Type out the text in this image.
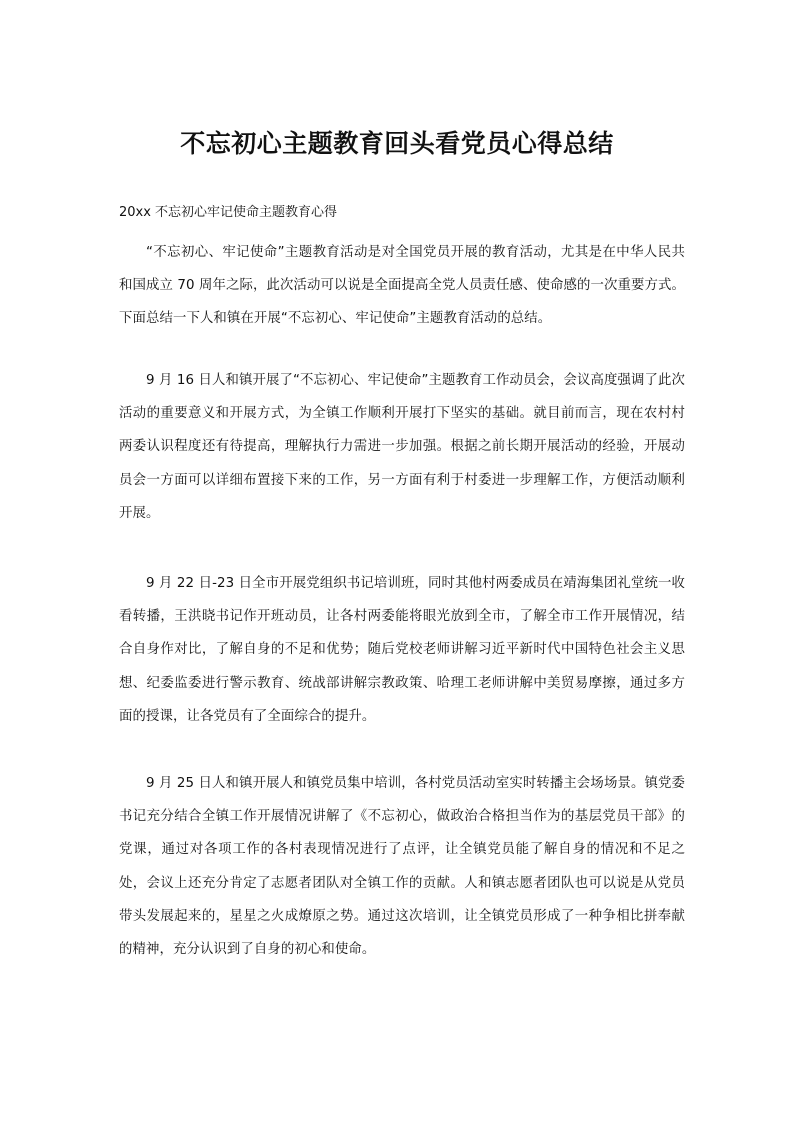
不忘初心主题教育回头看党员心得总结

20xx 不忘初心牢记使命主题教育心得

“不忘初心、牢记使命”主题教育活动是对全国党员开展的教育活动，尤其是在中华人民共和国成立 70 周年之际，此次活动可以说是全面提高全党人员责任感、使命感的一次重要方式。下面总结一下人和镇在开展“不忘初心、牢记使命”主题教育活动的总结。

9 月 16 日人和镇开展了“不忘初心、牢记使命”主题教育工作动员会，会议高度强调了此次活动的重要意义和开展方式，为全镇工作顺利开展打下坚实的基础。就目前而言，现在农村村两委认识程度还有待提高，理解执行力需进一步加强。根据之前长期开展活动的经验，开展动员会一方面可以详细布置接下来的工作，另一方面有利于村委进一步理解工作，方便活动顺利开展。

9 月 22 日-23 日全市开展党组织书记培训班，同时其他村两委成员在靖海集团礼堂统一收看转播，王洪晓书记作开班动员，让各村两委能将眼光放到全市，了解全市工作开展情况，结合自身作对比，了解自身的不足和优势；随后党校老师讲解习近平新时代中国特色社会主义思想、纪委监委进行警示教育、统战部讲解宗教政策、哈理工老师讲解中美贸易摩擦，通过多方面的授课，让各党员有了全面综合的提升。

9 月 25 日人和镇开展人和镇党员集中培训，各村党员活动室实时转播主会场场景。镇党委书记充分结合全镇工作开展情况讲解了《不忘初心，做政治合格担当作为的基层党员干部》的党课，通过对各项工作的各村表现情况进行了点评，让全镇党员能了解自身的情况和不足之处，会议上还充分肯定了志愿者团队对全镇工作的贡献。人和镇志愿者团队也可以说是从党员带头发展起来的，星星之火成燎原之势。通过这次培训，让全镇党员形成了一种争相比拼奉献的精神，充分认识到了自身的初心和使命。
